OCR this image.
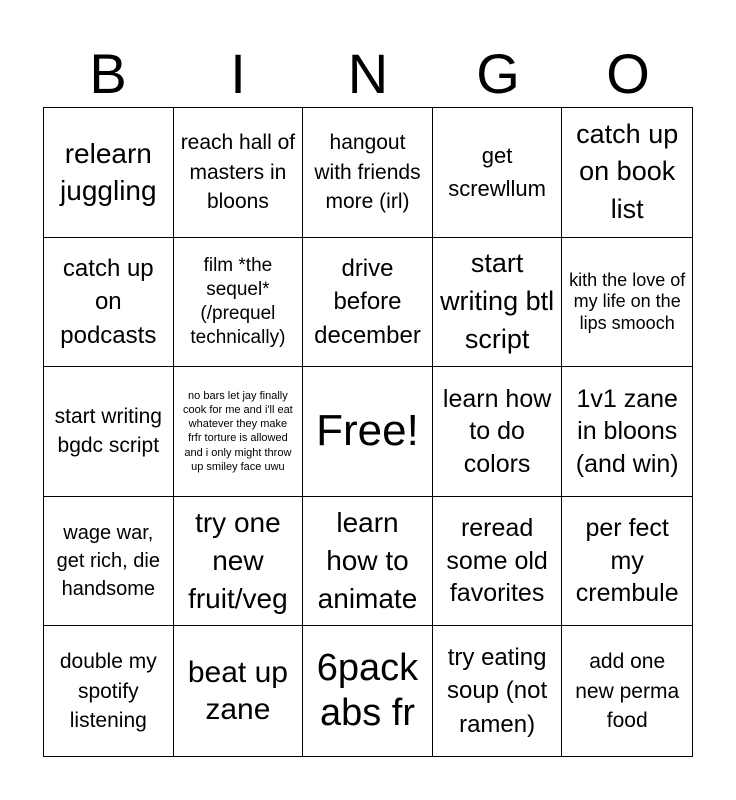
B	I	N	G	O
relearn juggling
reach hall of masters in bloons
hangout with friends more (irl)
get screwllum
catch up on book list
catch up on podcasts
film *the sequel* (/prequel technically)
drive before december
start writing btl script
kith the love of my life on the lips smooch
start writing bgdc script
no bars let jay finally cook for me and i'll eat whatever they make frfr torture is allowed and i only might throw up smiley face uwu
Free!
learn how to do colors
1v1 zane in bloons (and win)
wage war, get rich, die handsome
try one new fruit/veg
learn how to animate
reread some old favorites
per fect my crembule
double my spotify listening
beat up zane
6pack abs fr
try eating soup (not ramen)
add one new perma food
